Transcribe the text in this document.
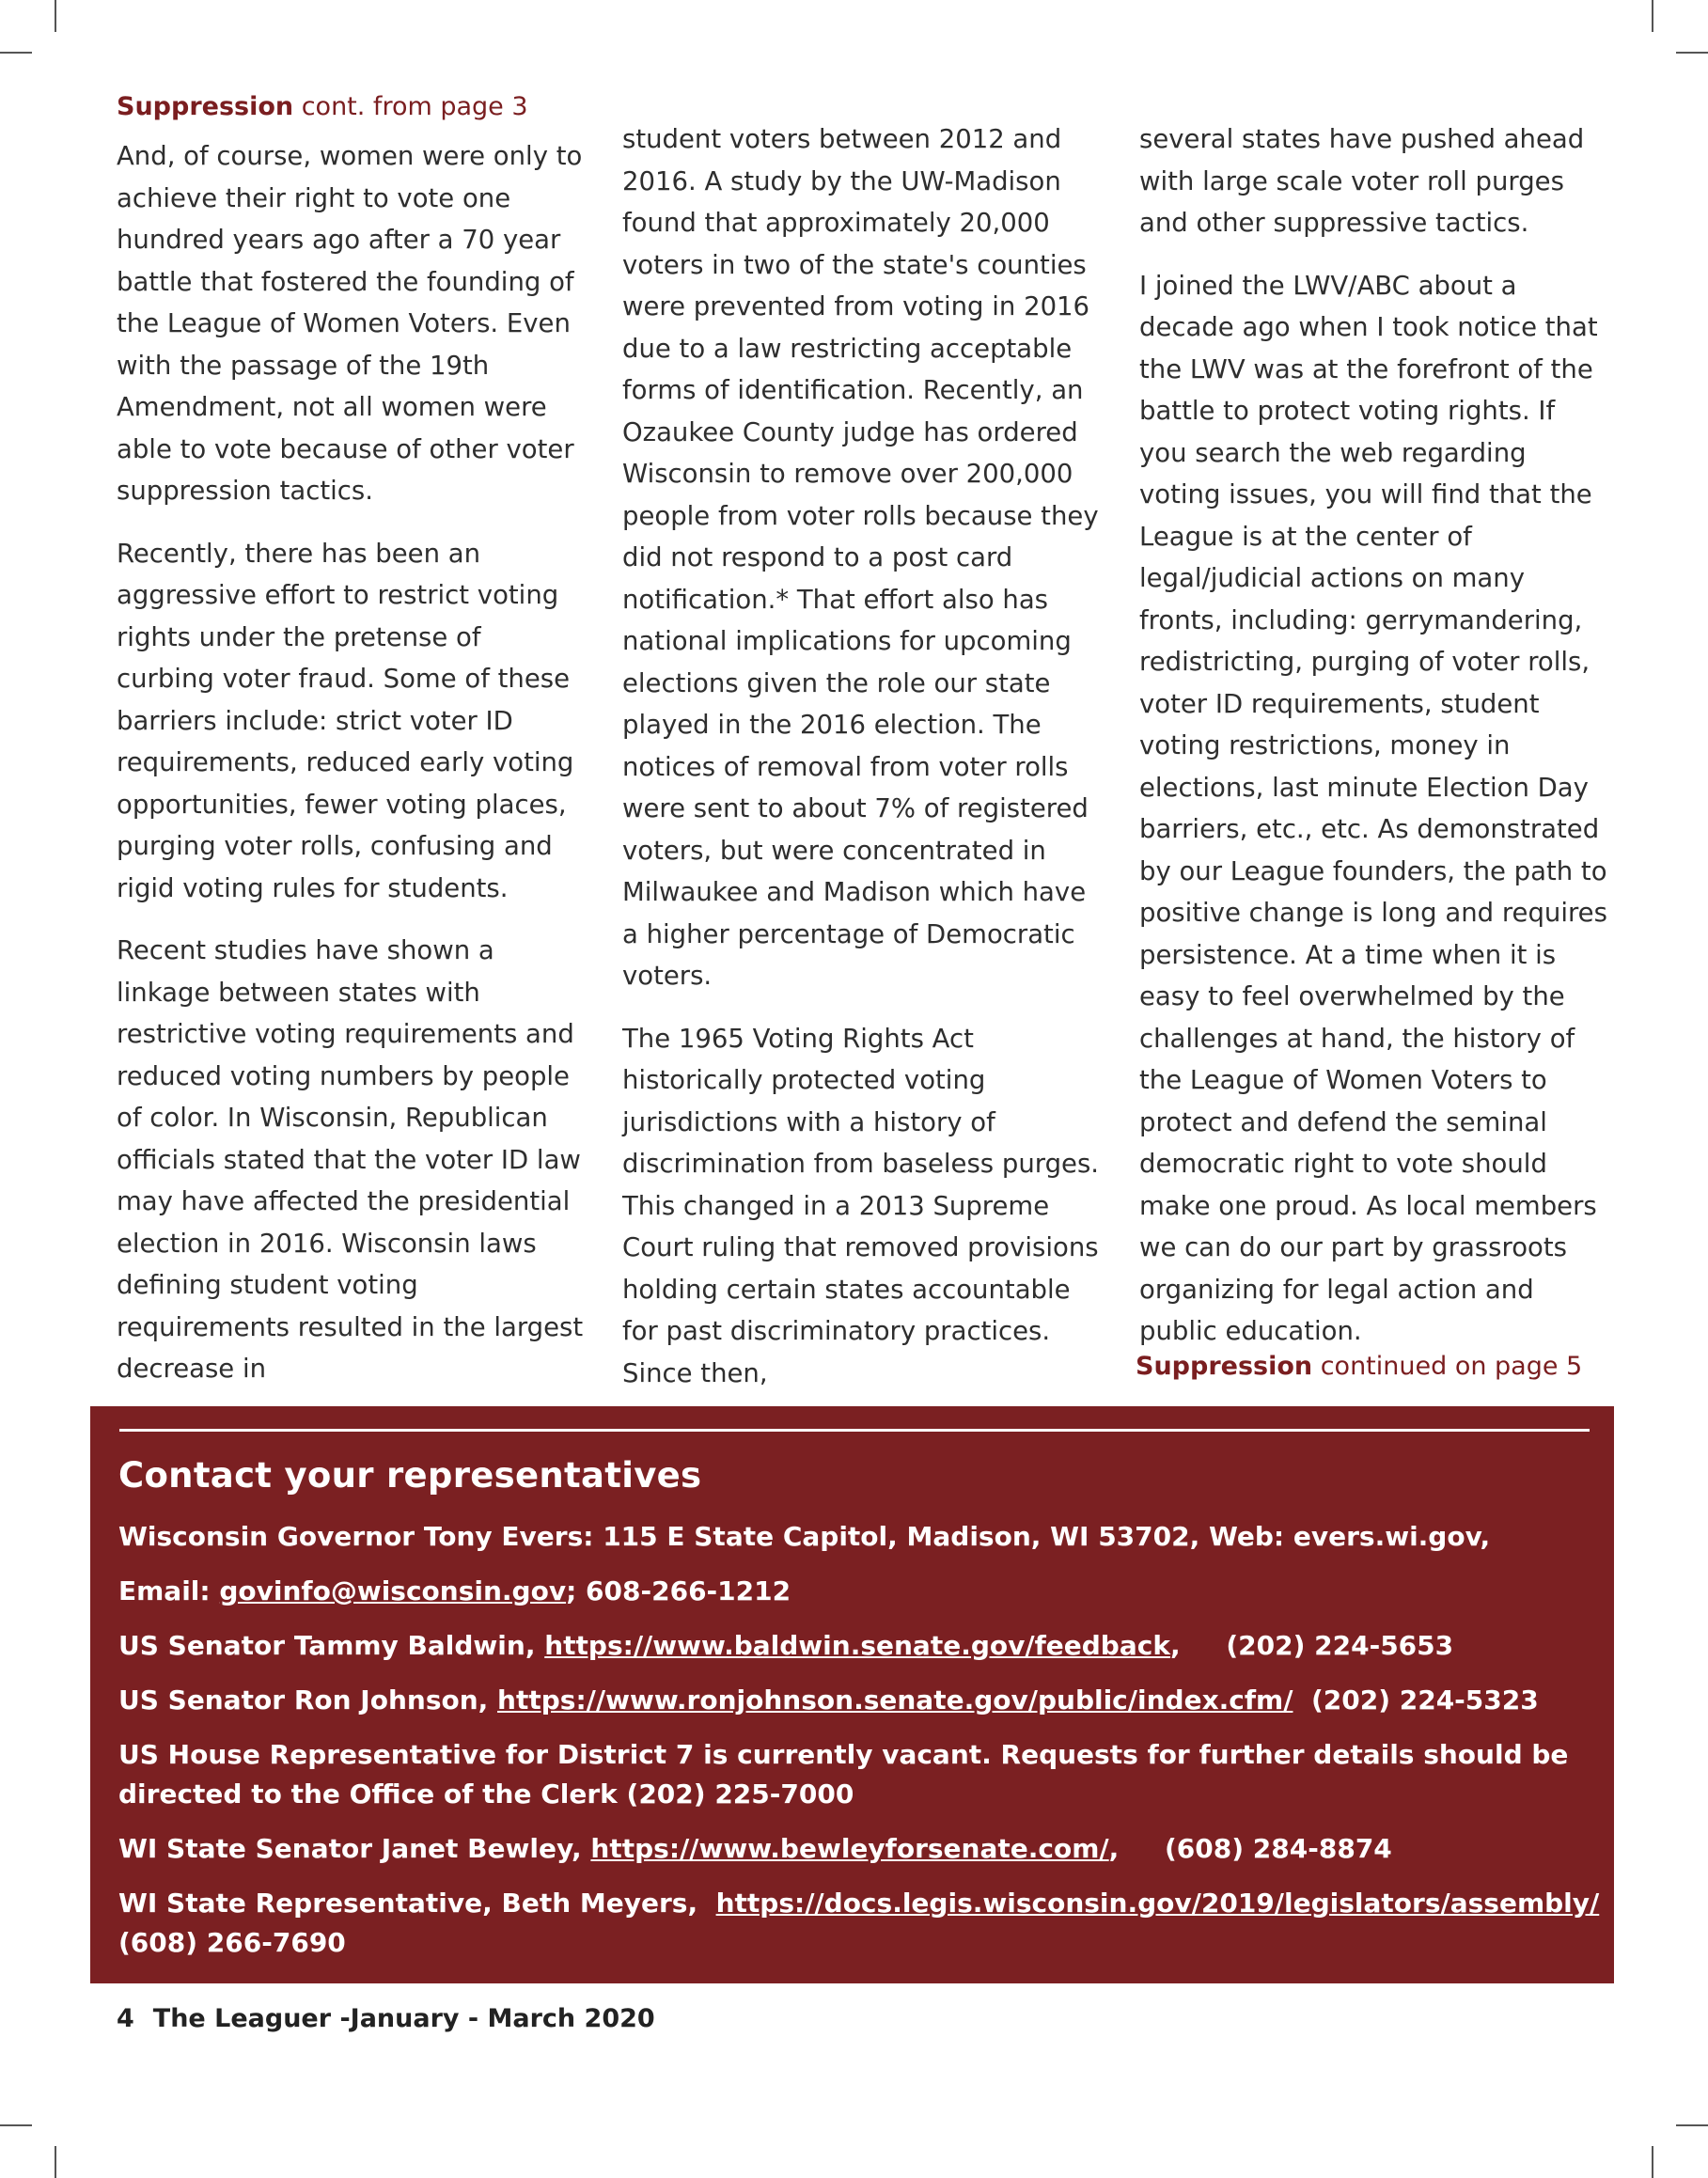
Suppression cont. from page 3

And, of course, women were only to achieve their right to vote one hundred years ago after a 70 year battle that fostered the founding of the League of Women Voters. Even with the passage of the 19th Amendment, not all women were able to vote because of other voter suppression tactics.

Recently, there has been an aggressive effort to restrict voting rights under the pretense of curbing voter fraud. Some of these barriers include: strict voter ID requirements, reduced early voting opportunities, fewer voting places, purging voter rolls, confusing and rigid voting rules for students.

Recent studies have shown a linkage between states with restrictive voting requirements and reduced voting numbers by people of color. In Wisconsin, Republican officials stated that the voter ID law may have affected the presidential election in 2016. Wisconsin laws defining student voting requirements resulted in the largest decrease in

student voters between 2012 and 2016. A study by the UW-Madison found that approximately 20,000 voters in two of the state's counties were prevented from voting in 2016 due to a law restricting acceptable forms of identification. Recently, an Ozaukee County judge has ordered Wisconsin to remove over 200,000 people from voter rolls because they did not respond to a post card notification.* That effort also has national implications for upcoming elections given the role our state played in the 2016 election. The notices of removal from voter rolls were sent to about 7% of registered voters, but were concentrated in Milwaukee and Madison which have a higher percentage of Democratic voters.

The 1965 Voting Rights Act historically protected voting jurisdictions with a history of discrimination from baseless purges. This changed in a 2013 Supreme Court ruling that removed provisions holding certain states accountable for past discriminatory practices. Since then,

several states have pushed ahead with large scale voter roll purges and other suppressive tactics.

I joined the LWV/ABC about a decade ago when I took notice that the LWV was at the forefront of the battle to protect voting rights. If you search the web regarding voting issues, you will find that the League is at the center of legal/judicial actions on many fronts, including: gerrymandering, redistricting, purging of voter rolls, voter ID requirements, student voting restrictions, money in elections, last minute Election Day barriers, etc., etc. As demonstrated by our League founders, the path to positive change is long and requires persistence. At a time when it is easy to feel overwhelmed by the challenges at hand, the history of the League of Women Voters to protect and defend the seminal democratic right to vote should make one proud. As local members we can do our part by grassroots organizing for legal action and public education.

Suppression continued on page 5
Contact your representatives

Wisconsin Governor Tony Evers: 115 E State Capitol, Madison, WI 53702, Web: evers.wi.gov,

Email: govinfo@wisconsin.gov; 608-266-1212

US Senator Tammy Baldwin, https://www.baldwin.senate.gov/feedback,     (202) 224-5653

US Senator Ron Johnson, https://www.ronjohnson.senate.gov/public/index.cfm/  (202) 224-5323

US House Representative for District 7 is currently vacant. Requests for further details should be directed to the Office of the Clerk (202) 225-7000

WI State Senator Janet Bewley, https://www.bewleyforsenate.com/,     (608) 284-8874

WI State Representative, Beth Meyers,  https://docs.legis.wisconsin.gov/2019/legislators/assembly/
(608) 266-7690

4 The Leaguer -January - March 2020
